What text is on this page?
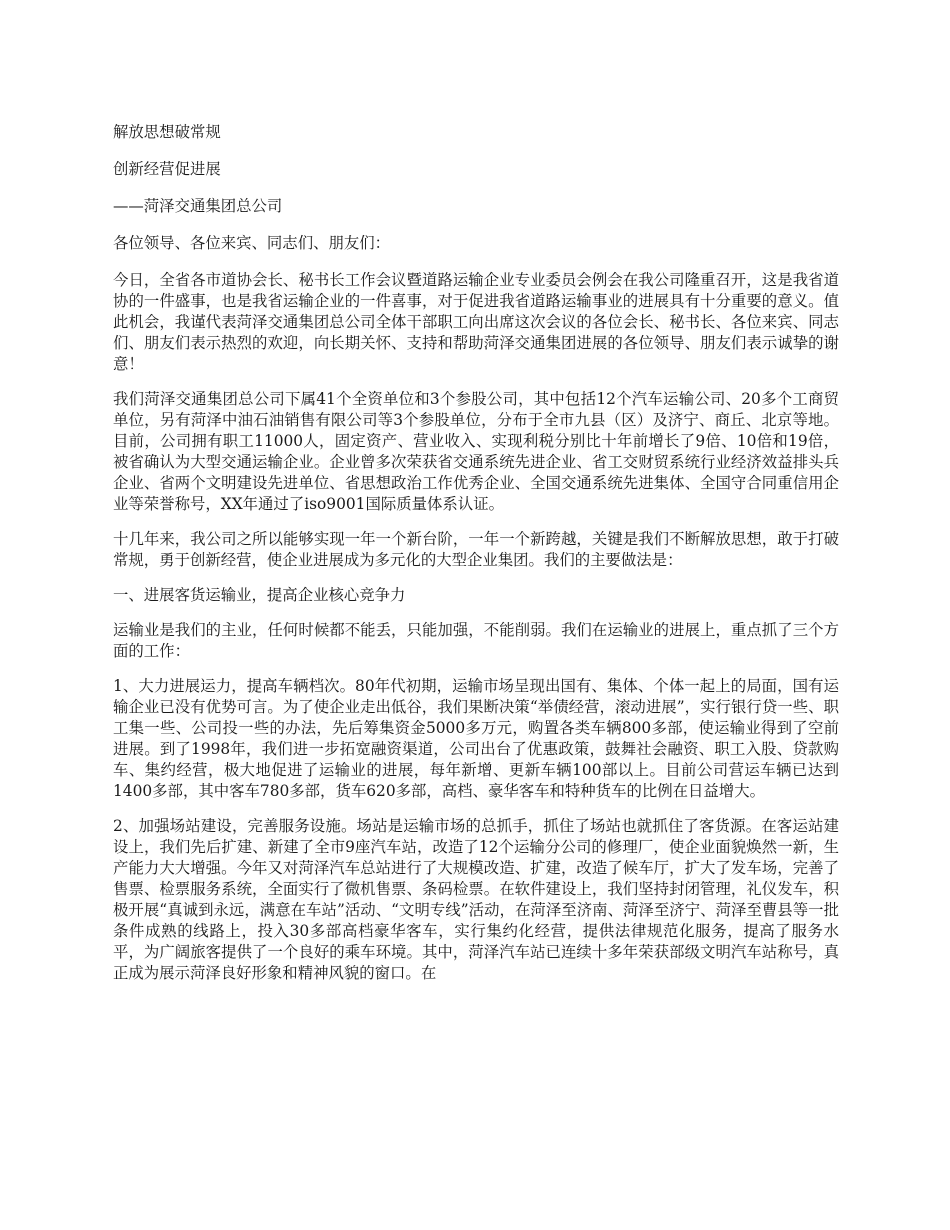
解放思想破常规

创新经营促进展

——菏泽交通集团总公司

各位领导、各位来宾、同志们、朋友们：

今日，全省各市道协会长、秘书长工作会议暨道路运输企业专业委员会例会在我公司隆重召开，这是我省道协的一件盛事，也是我省运输企业的一件喜事，对于促进我省道路运输事业的进展具有十分重要的意义。值此机会，我谨代表菏泽交通集团总公司全体干部职工向出席这次会议的各位会长、秘书长、各位来宾、同志们、朋友们表示热烈的欢迎，向长期关怀、支持和帮助菏泽交通集团进展的各位领导、朋友们表示诚挚的谢意！

我们菏泽交通集团总公司下属41个全资单位和3个参股公司，其中包括12个汽车运输公司、20多个工商贸单位，另有菏泽中油石油销售有限公司等3个参股单位，分布于全市九县（区）及济宁、商丘、北京等地。目前，公司拥有职工11000人，固定资产、营业收入、实现利税分别比十年前增长了9倍、10倍和19倍，被省确认为大型交通运输企业。企业曾多次荣获省交通系统先进企业、省工交财贸系统行业经济效益排头兵企业、省两个文明建设先进单位、省思想政治工作优秀企业、全国交通系统先进集体、全国守合同重信用企业等荣誉称号，XX年通过了iso9001国际质量体系认证。

十几年来，我公司之所以能够实现一年一个新台阶，一年一个新跨越，关键是我们不断解放思想，敢于打破常规，勇于创新经营，使企业进展成为多元化的大型企业集团。我们的主要做法是：

一、进展客货运输业，提高企业核心竞争力

运输业是我们的主业，任何时候都不能丢，只能加强，不能削弱。我们在运输业的进展上，重点抓了三个方面的工作：

1、大力进展运力，提高车辆档次。80年代初期，运输市场呈现出国有、集体、个体一起上的局面，国有运输企业已没有优势可言。为了使企业走出低谷，我们果断决策“举债经营，滚动进展”，实行银行贷一些、职工集一些、公司投一些的办法，先后筹集资金5000多万元，购置各类车辆800多部，使运输业得到了空前进展。到了1998年，我们进一步拓宽融资渠道，公司出台了优惠政策，鼓舞社会融资、职工入股、贷款购车、集约经营，极大地促进了运输业的进展，每年新增、更新车辆100部以上。目前公司营运车辆已达到1400多部，其中客车780多部，货车620多部，高档、豪华客车和特种货车的比例在日益增大。

2、加强场站建设，完善服务设施。场站是运输市场的总抓手，抓住了场站也就抓住了客货源。在客运站建设上，我们先后扩建、新建了全市9座汽车站，改造了12个运输分公司的修理厂，使企业面貌焕然一新，生产能力大大增强。今年又对菏泽汽车总站进行了大规模改造、扩建，改造了候车厅，扩大了发车场，完善了售票、检票服务系统，全面实行了微机售票、条码检票。在软件建设上，我们坚持封闭管理，礼仪发车，积极开展“真诚到永远，满意在车站”活动、“文明专线”活动，在菏泽至济南、菏泽至济宁、菏泽至曹县等一批条件成熟的线路上，投入30多部高档豪华客车，实行集约化经营，提供法律规范化服务，提高了服务水平，为广阔旅客提供了一个良好的乘车环境。其中，菏泽汽车站已连续十多年荣获部级文明汽车站称号，真正成为展示菏泽良好形象和精神风貌的窗口。在
